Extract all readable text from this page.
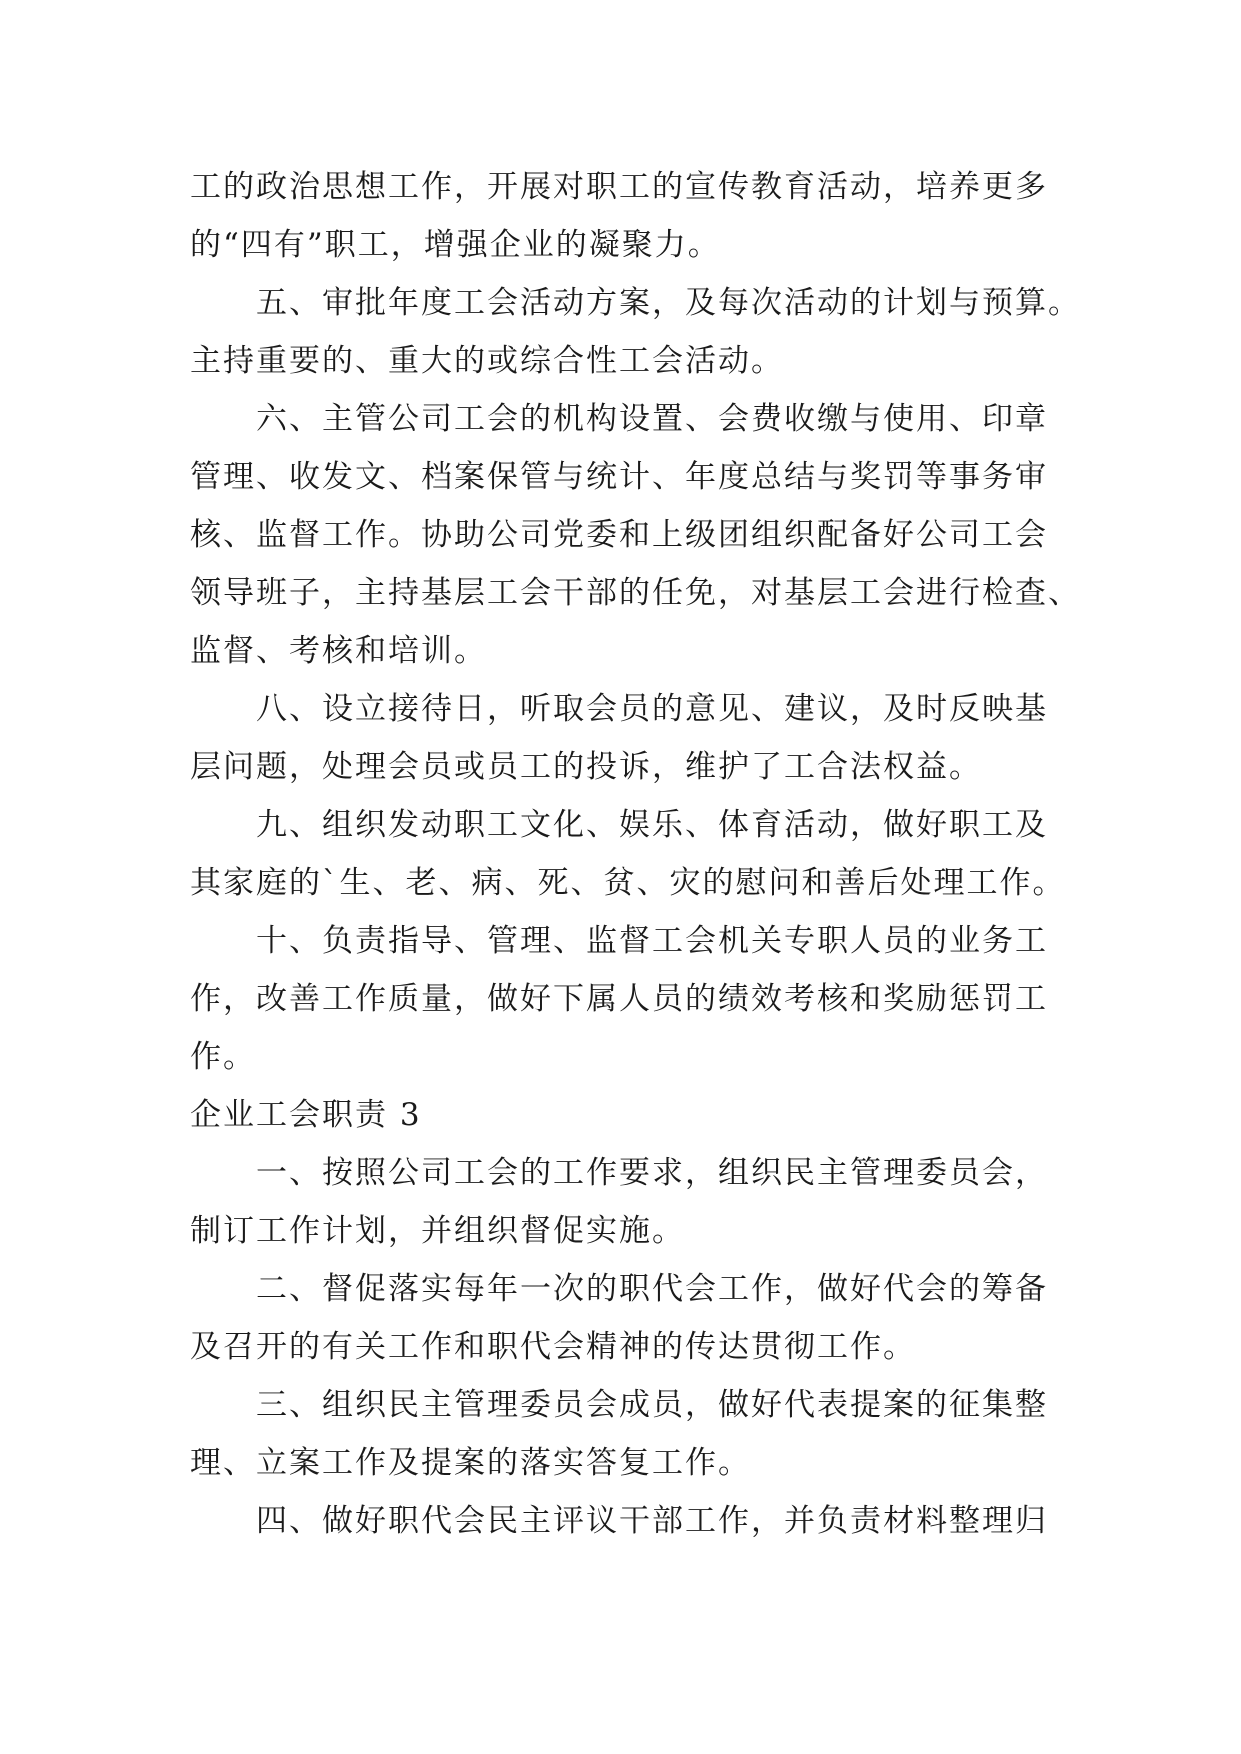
工的政治思想工作，开展对职工的宣传教育活动，培养更多
的“四有”职工，增强企业的凝聚力。
五、审批年度工会活动方案，及每次活动的计划与预算。
主持重要的、重大的或综合性工会活动。
六、主管公司工会的机构设置、会费收缴与使用、印章
管理、收发文、档案保管与统计、年度总结与奖罚等事务审
核、监督工作。协助公司党委和上级团组织配备好公司工会
领导班子，主持基层工会干部的任免，对基层工会进行检查、
监督、考核和培训。
八、设立接待日，听取会员的意见、建议，及时反映基
层问题，处理会员或员工的投诉，维护了工合法权益。
九、组织发动职工文化、娱乐、体育活动，做好职工及
其家庭的`生、老、病、死、贫、灾的慰问和善后处理工作。
十、负责指导、管理、监督工会机关专职人员的业务工
作，改善工作质量，做好下属人员的绩效考核和奖励惩罚工
作。
企业工会职责 3
一、按照公司工会的工作要求，组织民主管理委员会，
制订工作计划，并组织督促实施。
二、督促落实每年一次的职代会工作，做好代会的筹备
及召开的有关工作和职代会精神的传达贯彻工作。
三、组织民主管理委员会成员，做好代表提案的征集整
理、立案工作及提案的落实答复工作。
四、做好职代会民主评议干部工作，并负责材料整理归
